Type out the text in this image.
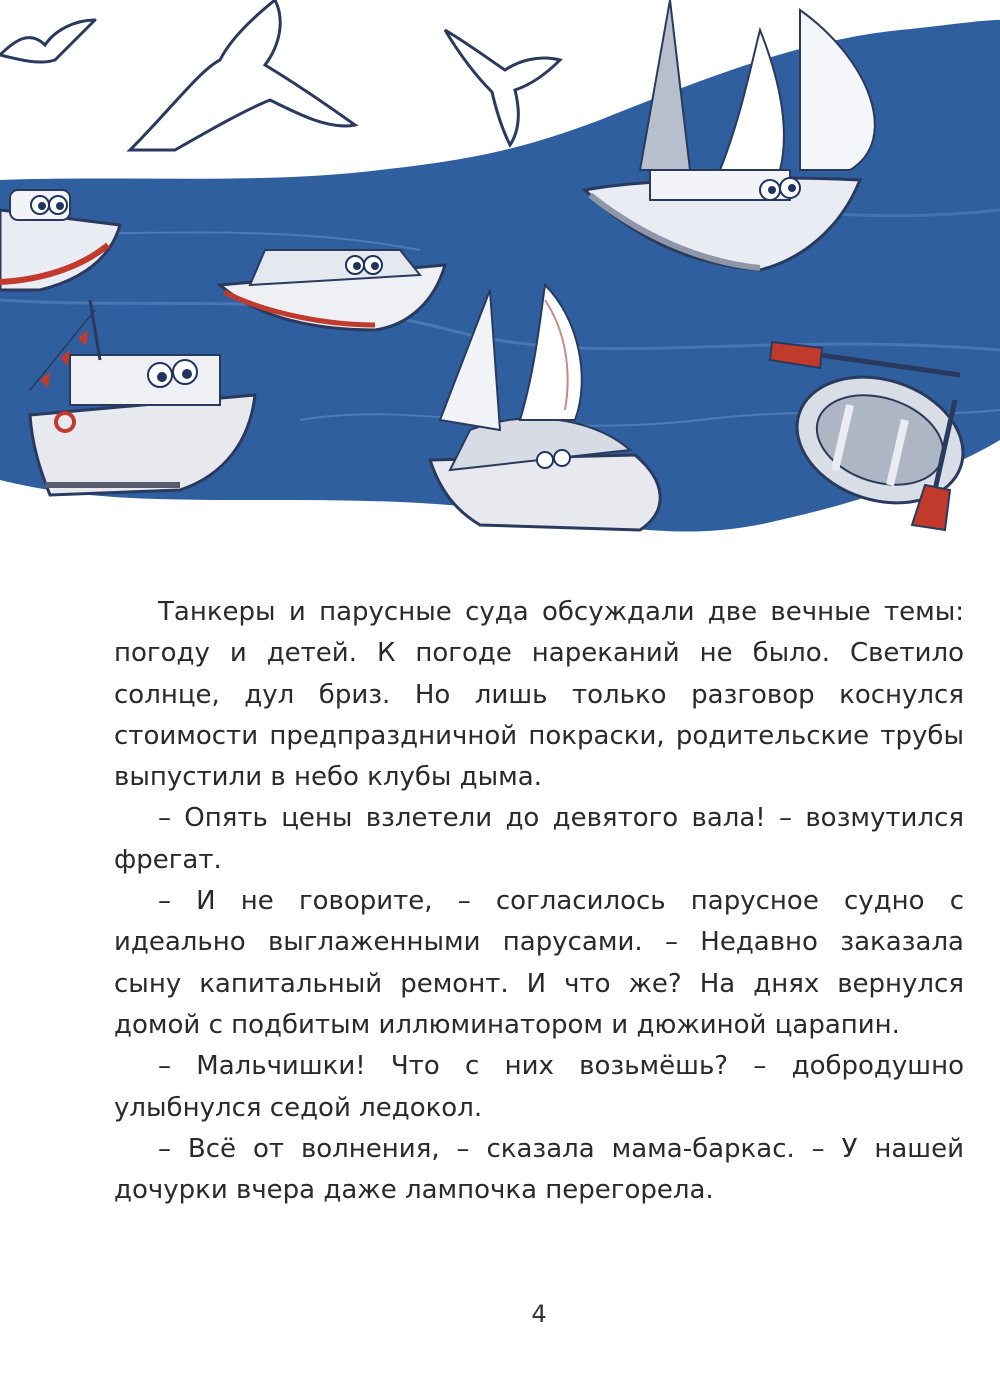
Танкеры и парусные суда обсуждали две вечные темы: погоду и детей. К погоде нареканий не было. Светило солнце, дул бриз. Но лишь только разговор коснулся стоимости предпраздничной покраски, родительские трубы выпустили в небо клубы дыма.

– Опять цены взлетели до девятого вала! – возмутился фрегат.

– И не говорите, – согласилось парусное судно с идеально выглаженными парусами. – Недавно заказала сыну капитальный ремонт. И что же? На днях вернулся домой с подбитым иллюминатором и дюжиной царапин.

– Мальчишки! Что с них возьмёшь? – добродушно улыбнулся седой ледокол.

– Всё от волнения, – сказала мама-баркас. – У нашей дочурки вчера даже лампочка перегорела.

4
